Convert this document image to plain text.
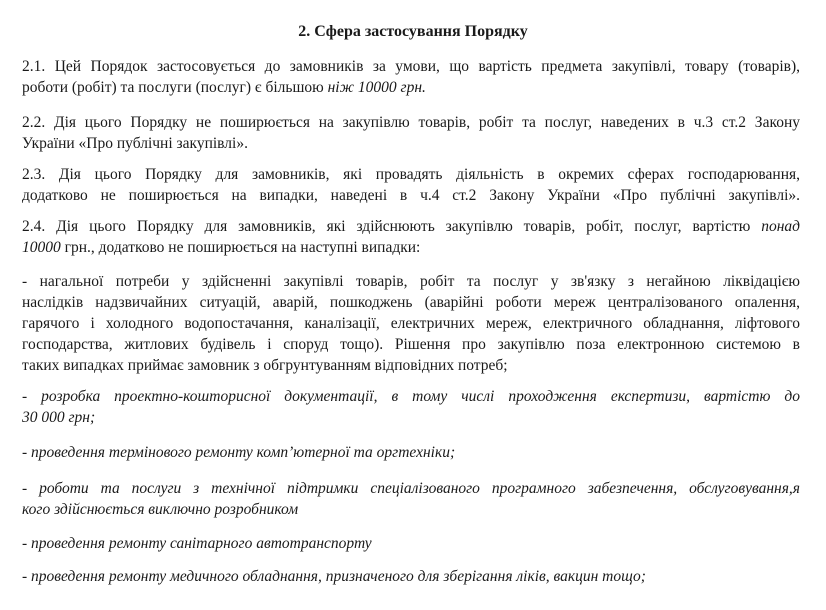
2. Сфера застосування Порядку
2.1. Цей Порядок застосовується до замовників за умови, що вартість предмета закупівлі, товару (товарів),
роботи (робіт) та послуги (послуг) є більшою ніж 10000 грн.
2.2. Дія цього Порядку не поширюється на закупівлю товарів, робіт та послуг, наведених в ч.3 ст.2 Закону
України «Про публічні закупівлі».
2.3. Дія цього Порядку для замовників, які провадять діяльність в окремих сферах господарювання,
додатково не поширюється на випадки, наведені в ч.4 ст.2 Закону України «Про публічні закупівлі».
2.4. Дія цього Порядку для замовників, які здійснюють закупівлю товарів, робіт, послуг, вартістю понад
10000 грн., додатково не поширюється на наступні випадки:
- нагальної потреби у здійсненні закупівлі товарів, робіт та послуг у зв'язку з негайною ліквідацією
наслідків надзвичайних ситуацій, аварій, пошкоджень (аварійні роботи мереж централізованого опалення,
гарячого і холодного водопостачання, каналізації, електричних мереж, електричного обладнання, ліфтового
господарства, житлових будівель і споруд тощо). Рішення про закупівлю поза електронною системою в
таких випадках приймає замовник з обгрунтуванням відповідних потреб;
- розробка проектно-кошторисної документації, в тому числі проходження експертизи, вартістю до
30 000 грн;
- проведення термінового ремонту комп’ютерної та оргтехніки;
- роботи та послуги з технічної підтримки спеціалізованого програмного забезпечення, обслуговування,я
кого здійснюється виключно розробником
- проведення ремонту санітарного автотранспорту
- проведення ремонту медичного обладнання, призначеного для зберігання ліків, вакцин тощо;
